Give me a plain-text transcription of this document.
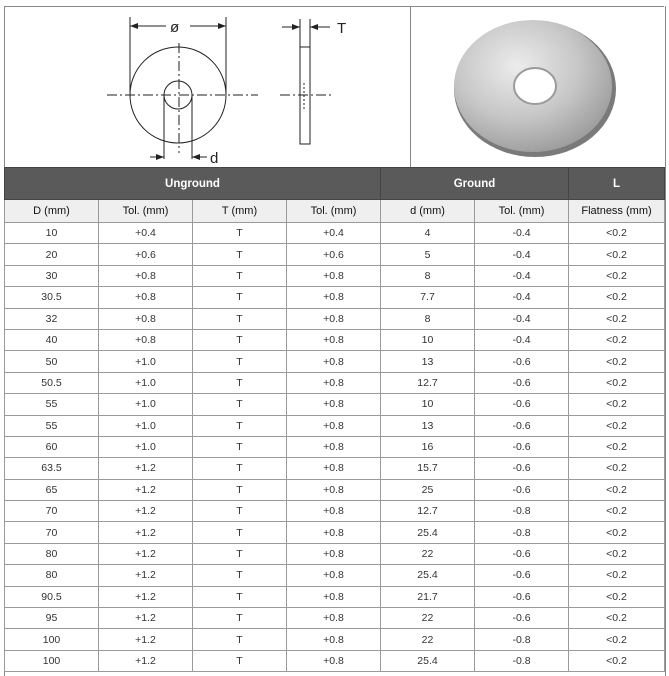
ø	T
d
Unground				Ground		L
D (mm)	Tol. (mm)	T (mm)	Tol. (mm)	d (mm)	Tol. (mm)	Flatness (mm)
10	+0.4	T	+0.4	4	-0.4	<0.2
20	+0.6	T	+0.6	5	-0.4	<0.2
30	+0.8	T	+0.8	8	-0.4	<0.2
30.5	+0.8	T	+0.8	7.7	-0.4	<0.2
32	+0.8	T	+0.8	8	-0.4	<0.2
40	+0.8	T	+0.8	10	-0.4	<0.2
50	+1.0	T	+0.8	13	-0.6	<0.2
50.5	+1.0	T	+0.8	12.7	-0.6	<0.2
55	+1.0	T	+0.8	10	-0.6	<0.2
55	+1.0	T	+0.8	13	-0.6	<0.2
60	+1.0	T	+0.8	16	-0.6	<0.2
63.5	+1.2	T	+0.8	15.7	-0.6	<0.2
65	+1.2	T	+0.8	25	-0.6	<0.2
70	+1.2	T	+0.8	12.7	-0.8	<0.2
70	+1.2	T	+0.8	25.4	-0.8	<0.2
80	+1.2	T	+0.8	22	-0.6	<0.2
80	+1.2	T	+0.8	25.4	-0.6	<0.2
90.5	+1.2	T	+0.8	21.7	-0.6	<0.2
95	+1.2	T	+0.8	22	-0.6	<0.2
100	+1.2	T	+0.8	22	-0.8	<0.2
100	+1.2	T	+0.8	25.4	-0.8	<0.2
